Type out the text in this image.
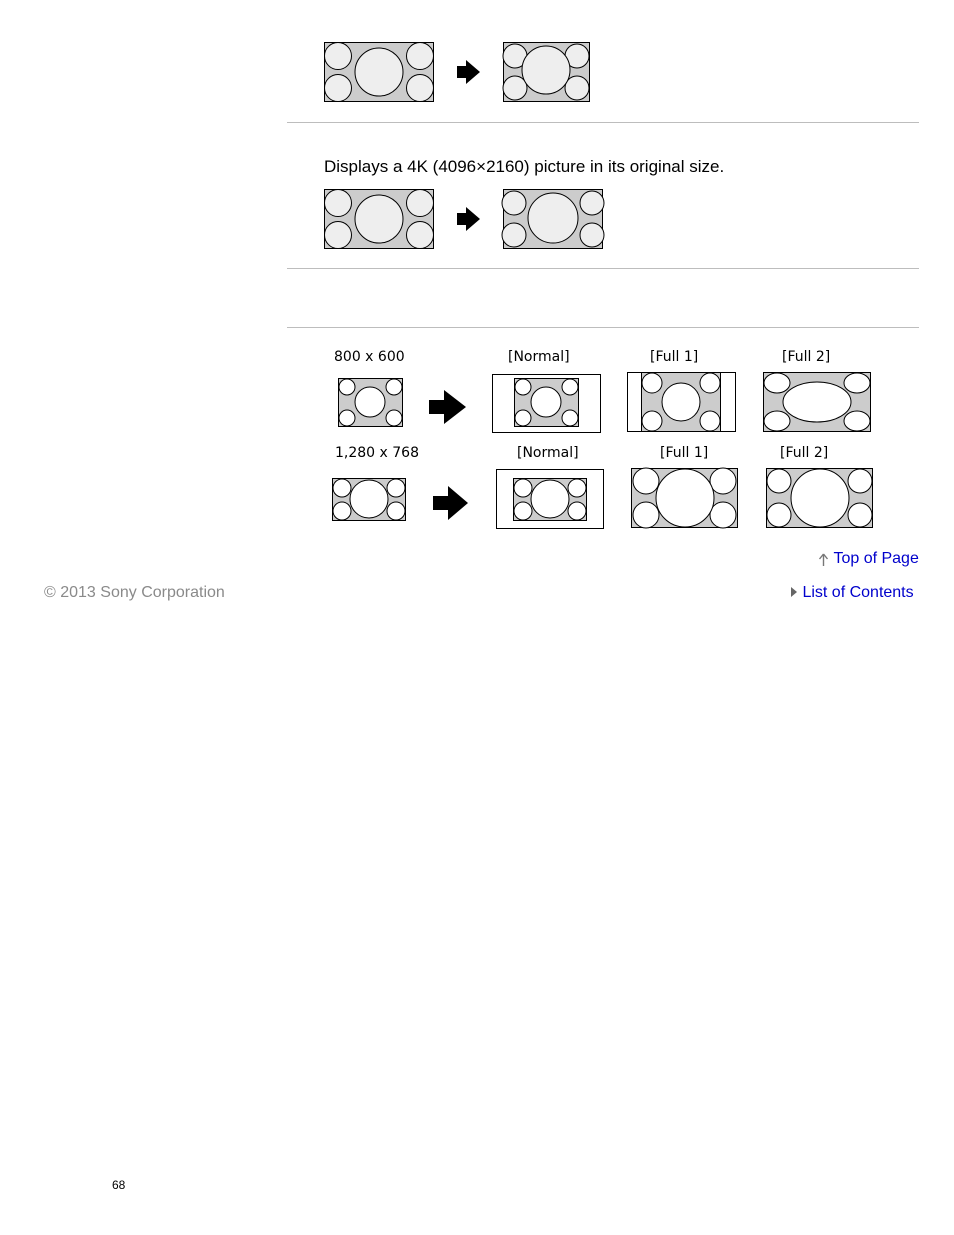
Displays a 4K (4096×2160) picture in its original size.
800 x 600	[Normal]	[Full 1]	[Full 2]
1,280 x 768	[Normal]	[Full 1]	[Full 2]
Top of Page
© 2013 Sony Corporation	List of Contents
68
